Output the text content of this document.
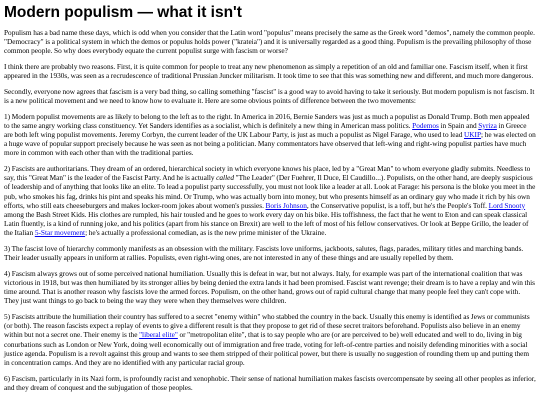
Modern populism — what it isn't

Populism has a bad name these days, which is odd when you consider that the Latin word "populus" means precisely the same as the Greek word "demos", namely the common people. "Democracy" is a political system in which the demos or populus holds power ("krateia") and it is universally regarded as a good thing. Populism is the prevailing philosophy of those common people. So why does everybody equate the current populist surge with fascism or worse?

I think there are probably two reasons. First, it is quite common for people to treat any new phenomenon as simply a repetition of an old and familiar one. Fascism itself, when it first appeared in the 1930s, was seen as a recrudescence of traditional Prussian Juncker militarism. It took time to see that this was something new and different, and much more dangerous.

Secondly, everyone now agrees that fascism is a very bad thing, so calling something "fascist" is a good way to avoid having to take it seriously. But modern populism is not fascism. It is a new political movement and we need to know how to evaluate it. Here are some obvious points of difference between the two movements:

1) Modern populist movements are as likely to belong to the left as to the right. In America in 2016, Bernie Sanders was just as much a populist as Donald Trump. Both men appealed to the same angry working class constituency. Yet Sanders identifies as a socialist, which is definitely a new thing in American mass politics. Podemos in Spain and Syriza in Greece are both left wing populist movements. Jeremy Corbyn, the current leader of the UK Labour Party, is just as much a populist as Nigel Farage, who used to lead UKIP; he was elected on a huge wave of popular support precisely because he was seen as not being a politician. Many commentators have observed that left-wing and right-wing populist parties have much more in common with each other than with the traditional parties.

2) Fascists are authoritarians. They dream of an ordered, hierarchical society in which everyone knows his place, led by a "Great Man" to whom everyone gladly submits. Needless to say, this "Great Man" is the leader of the Fascist Party. And he is actually called "The Leader" (Der Fuehrer, Il Duce, El Caudillo...). Populists, on the other hand, are deeply suspicious of leadership and of anything that looks like an elite. To lead a populist party successfully, you must not look like a leader at all. Look at Farage: his persona is the bloke you meet in the pub, who smokes his fag, drinks his pint and speaks his mind. Or Trump, who was actually born into money, but who presents himself as an ordinary guy who made it rich by his own efforts, who still eats cheeseburgers and makes locker-room jokes about women's pussies. Boris Johnson, the Conservative populist, is a toff, but he's the People's Toff. Lord Snooty among the Bash Street Kids. His clothes are rumpled, his hair tousled and he goes to work every day on his bike. His toffishness, the fact that he went to Eton and can speak classical Latin fluently, is a kind of running joke, and his politics (apart from his stance on Brexit) are well to the left of most of his fellow conservatives. Or look at Beppe Grillo, the leader of the Italian 5-Star movement; he's actually a professional comedian, as is the new prime minister of the Ukraine.

3) The fascist love of hierarchy commonly manifests as an obsession with the military. Fascists love uniforms, jackboots, salutes, flags, parades, military titles and marching bands. Their leader usually appears in uniform at rallies. Populists, even right-wing ones, are not interested in any of these things and are usually repelled by them.

4) Fascism always grows out of some perceived national humiliation. Usually this is defeat in war, but not always. Italy, for example was part of the international coalition that was victorious in 1918, but was then humiliated by its stronger allies by being denied the extra lands it had been promised. Fascist want revenge; their dream is to have a replay and win this time around. That is another reason why fascists love the armed forces. Populism, on the other hand, grows out of rapid cultural change that many people feel they can't cope with. They just want things to go back to being the way they were when they themselves were children.

5) Fascists attribute the humiliation their country has suffered to a secret "enemy within" who stabbed the country in the back. Usually this enemy is identified as Jews or communists (or both). The reason fascists expect a replay of events to give a different result is that they propose to get rid of these secret traitors beforehand. Populists also believe in an enemy within but not a secret one. Their enemy is the "liberal elite" or "metropolitan elite", that is to say people who are (or are perceived to be) well educated and well to do, living in big conurbations such as London or New York, doing well economically out of immigration and free trade, voting for left-of-centre parties and noisily defending minorities with a social justice agenda. Populism is a revolt against this group and wants to see them stripped of their political power, but there is usually no suggestion of rounding them up and putting them in concentration camps. And they are no identified with any particular racial group.

6) Fascism, particularly in its Nazi form, is profoundly racist and xenophobic. Their sense of national humiliation makes fascists overcompensate by seeing all other peoples as inferior, and they dream of conquest and the subjugation of those peoples.
